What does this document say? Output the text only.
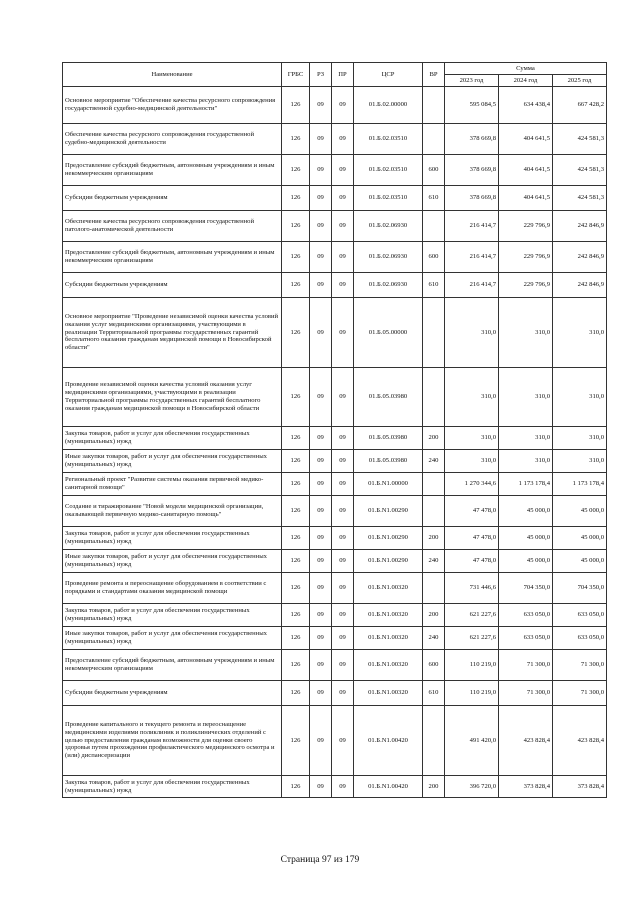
Наименование	ГРБС	РЗ	ПР	ЦСР	ВР	Сумма		
						2023 год	2024 год	2025 год
Основное мероприятие "Обеспечение качества ресурсного сопровождения государственной судебно-медицинской деятельности"	126	09	09	01.Б.02.00000		595 084,5	634 438,4	667 428,2
Обеспечение качества ресурсного сопровождения государственной судебно-медицинской деятельности	126	09	09	01.Б.02.03510		378 669,8	404 641,5	424 581,3
Предоставление субсидий бюджетным, автономным учреждениям и иным некоммерческим организациям	126	09	09	01.Б.02.03510	600	378 669,8	404 641,5	424 581,3
Субсидии бюджетным учреждениям	126	09	09	01.Б.02.03510	610	378 669,8	404 641,5	424 581,3
Обеспечение качества ресурсного сопровождения государственной патолого-анатомической деятельности	126	09	09	01.Б.02.06930		216 414,7	229 796,9	242 846,9
Предоставление субсидий бюджетным, автономным учреждениям и иным некоммерческим организациям	126	09	09	01.Б.02.06930	600	216 414,7	229 796,9	242 846,9
Субсидии бюджетным учреждениям	126	09	09	01.Б.02.06930	610	216 414,7	229 796,9	242 846,9
Основное мероприятие "Проведение независимой оценки качества условий оказания услуг медицинскими организациями, участвующими в реализации Территориальной программы государственных гарантий бесплатного оказания гражданам медицинской помощи в Новосибирской области"	126	09	09	01.Б.05.00000		310,0	310,0	310,0
Проведение независимой оценки качества условий оказания услуг медицинскими организациями, участвующими в реализации Территориальной программы государственных гарантий бесплатного оказания гражданам медицинской помощи в Новосибирской области	126	09	09	01.Б.05.03980		310,0	310,0	310,0
Закупка товаров, работ и услуг для обеспечения государственных (муниципальных) нужд	126	09	09	01.Б.05.03980	200	310,0	310,0	310,0
Иные закупки товаров, работ и услуг для обеспечения государственных (муниципальных) нужд	126	09	09	01.Б.05.03980	240	310,0	310,0	310,0
Региональный проект "Развитие системы оказания первичной медико-санитарной помощи"	126	09	09	01.Б.N1.00000		1 270 344,6	1 173 178,4	1 173 178,4
Создание и тиражирование "Новой модели медицинской организации, оказывающей первичную медико-санитарную помощь"	126	09	09	01.Б.N1.00290		47 478,0	45 000,0	45 000,0
Закупка товаров, работ и услуг для обеспечения государственных (муниципальных) нужд	126	09	09	01.Б.N1.00290	200	47 478,0	45 000,0	45 000,0
Иные закупки товаров, работ и услуг для обеспечения государственных (муниципальных) нужд	126	09	09	01.Б.N1.00290	240	47 478,0	45 000,0	45 000,0
Проведение ремонта и переоснащение оборудованием в соответствии с порядками и стандартами оказания медицинской помощи	126	09	09	01.Б.N1.00320		731 446,6	704 350,0	704 350,0
Закупка товаров, работ и услуг для обеспечения государственных (муниципальных) нужд	126	09	09	01.Б.N1.00320	200	621 227,6	633 050,0	633 050,0
Иные закупки товаров, работ и услуг для обеспечения государственных (муниципальных) нужд	126	09	09	01.Б.N1.00320	240	621 227,6	633 050,0	633 050,0
Предоставление субсидий бюджетным, автономным учреждениям и иным некоммерческим организациям	126	09	09	01.Б.N1.00320	600	110 219,0	71 300,0	71 300,0
Субсидии бюджетным учреждениям	126	09	09	01.Б.N1.00320	610	110 219,0	71 300,0	71 300,0
Проведение капитального и текущего ремонта и переоснащение медицинскими изделиями поликлиник и поликлинических отделений с целью предоставления гражданам возможности для оценки своего здоровья путем прохождения профилактического медицинского осмотра и (или) диспансеризации	126	09	09	01.Б.N1.00420		491 420,0	423 828,4	423 828,4
Закупка товаров, работ и услуг для обеспечения государственных (муниципальных) нужд	126	09	09	01.Б.N1.00420	200	396 720,0	373 828,4	373 828,4
Страница 97 из 179
